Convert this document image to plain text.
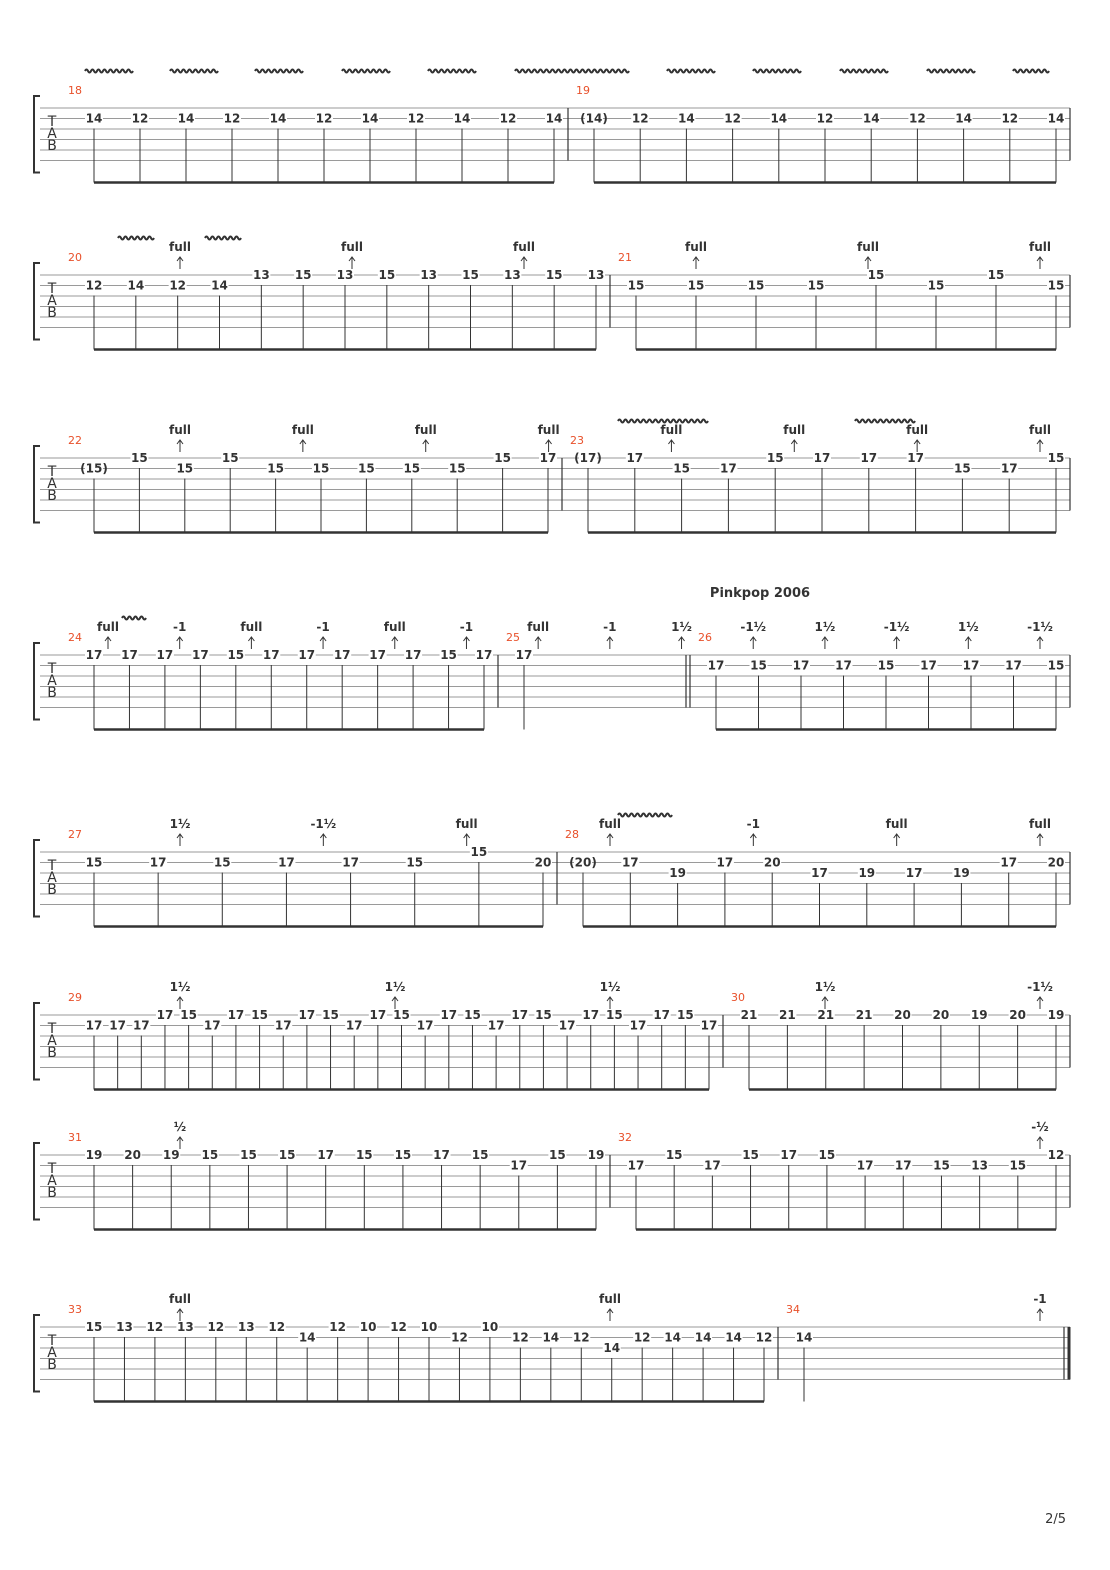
T
A
B
18
14 12 14 12 14 12 14 12 14 12 14
19
(14) 12 14 12 14 12 14 12 14 12 14
T
A
B
20
12 14 12 14
13 15 13 15 13 15 13 15 13
21
15	15	15	15
15
15
15
15
full	full	full	full	full	full
T
A
B
22
(15)
15
15
15
15 15 15 15 15
15 17
23
(17) 17
15	17
15	17	17	17
15	17
15
full	full	full	full	full	full	full	full
T
A
B
24
17 17 17 17 15 17 17 17 17 17 15 17
25
17
26
17 15 17 17 15 17 17 17 15
full	-1	full	-1	full	-1	full	-1	1½	-1½	1½	-1½	1½	-1½
Pinkpop 2006
T
A
B
27
15	17	15	17	17	15
15
20
28
(20) 17
19
17	20
17	19	17	19
17	20
1½	-1½	full	full	-1	full	full
T
A
B
29
17 17 17
17 15
17
17 15
17
17 15
17
17 15
17
17 15
17
17 15
17
17 15
17
17 15
17
30
21 21 21 21 20 20 19 20 19
1½	1½	1½	1½	-1½
T
A
B
31
19 20 19 15 15 15 17 15 15 17 15
17
15 19
32
17
15
17
15 17 15
17 17 15 13 15
12
½	-½
T
A
B
33
15 13 12 13 12 13 12
14
12 10 12 10
12
10
12 14 12
14
12 14 14 14 12
34
14
full	full	-1
2/5
